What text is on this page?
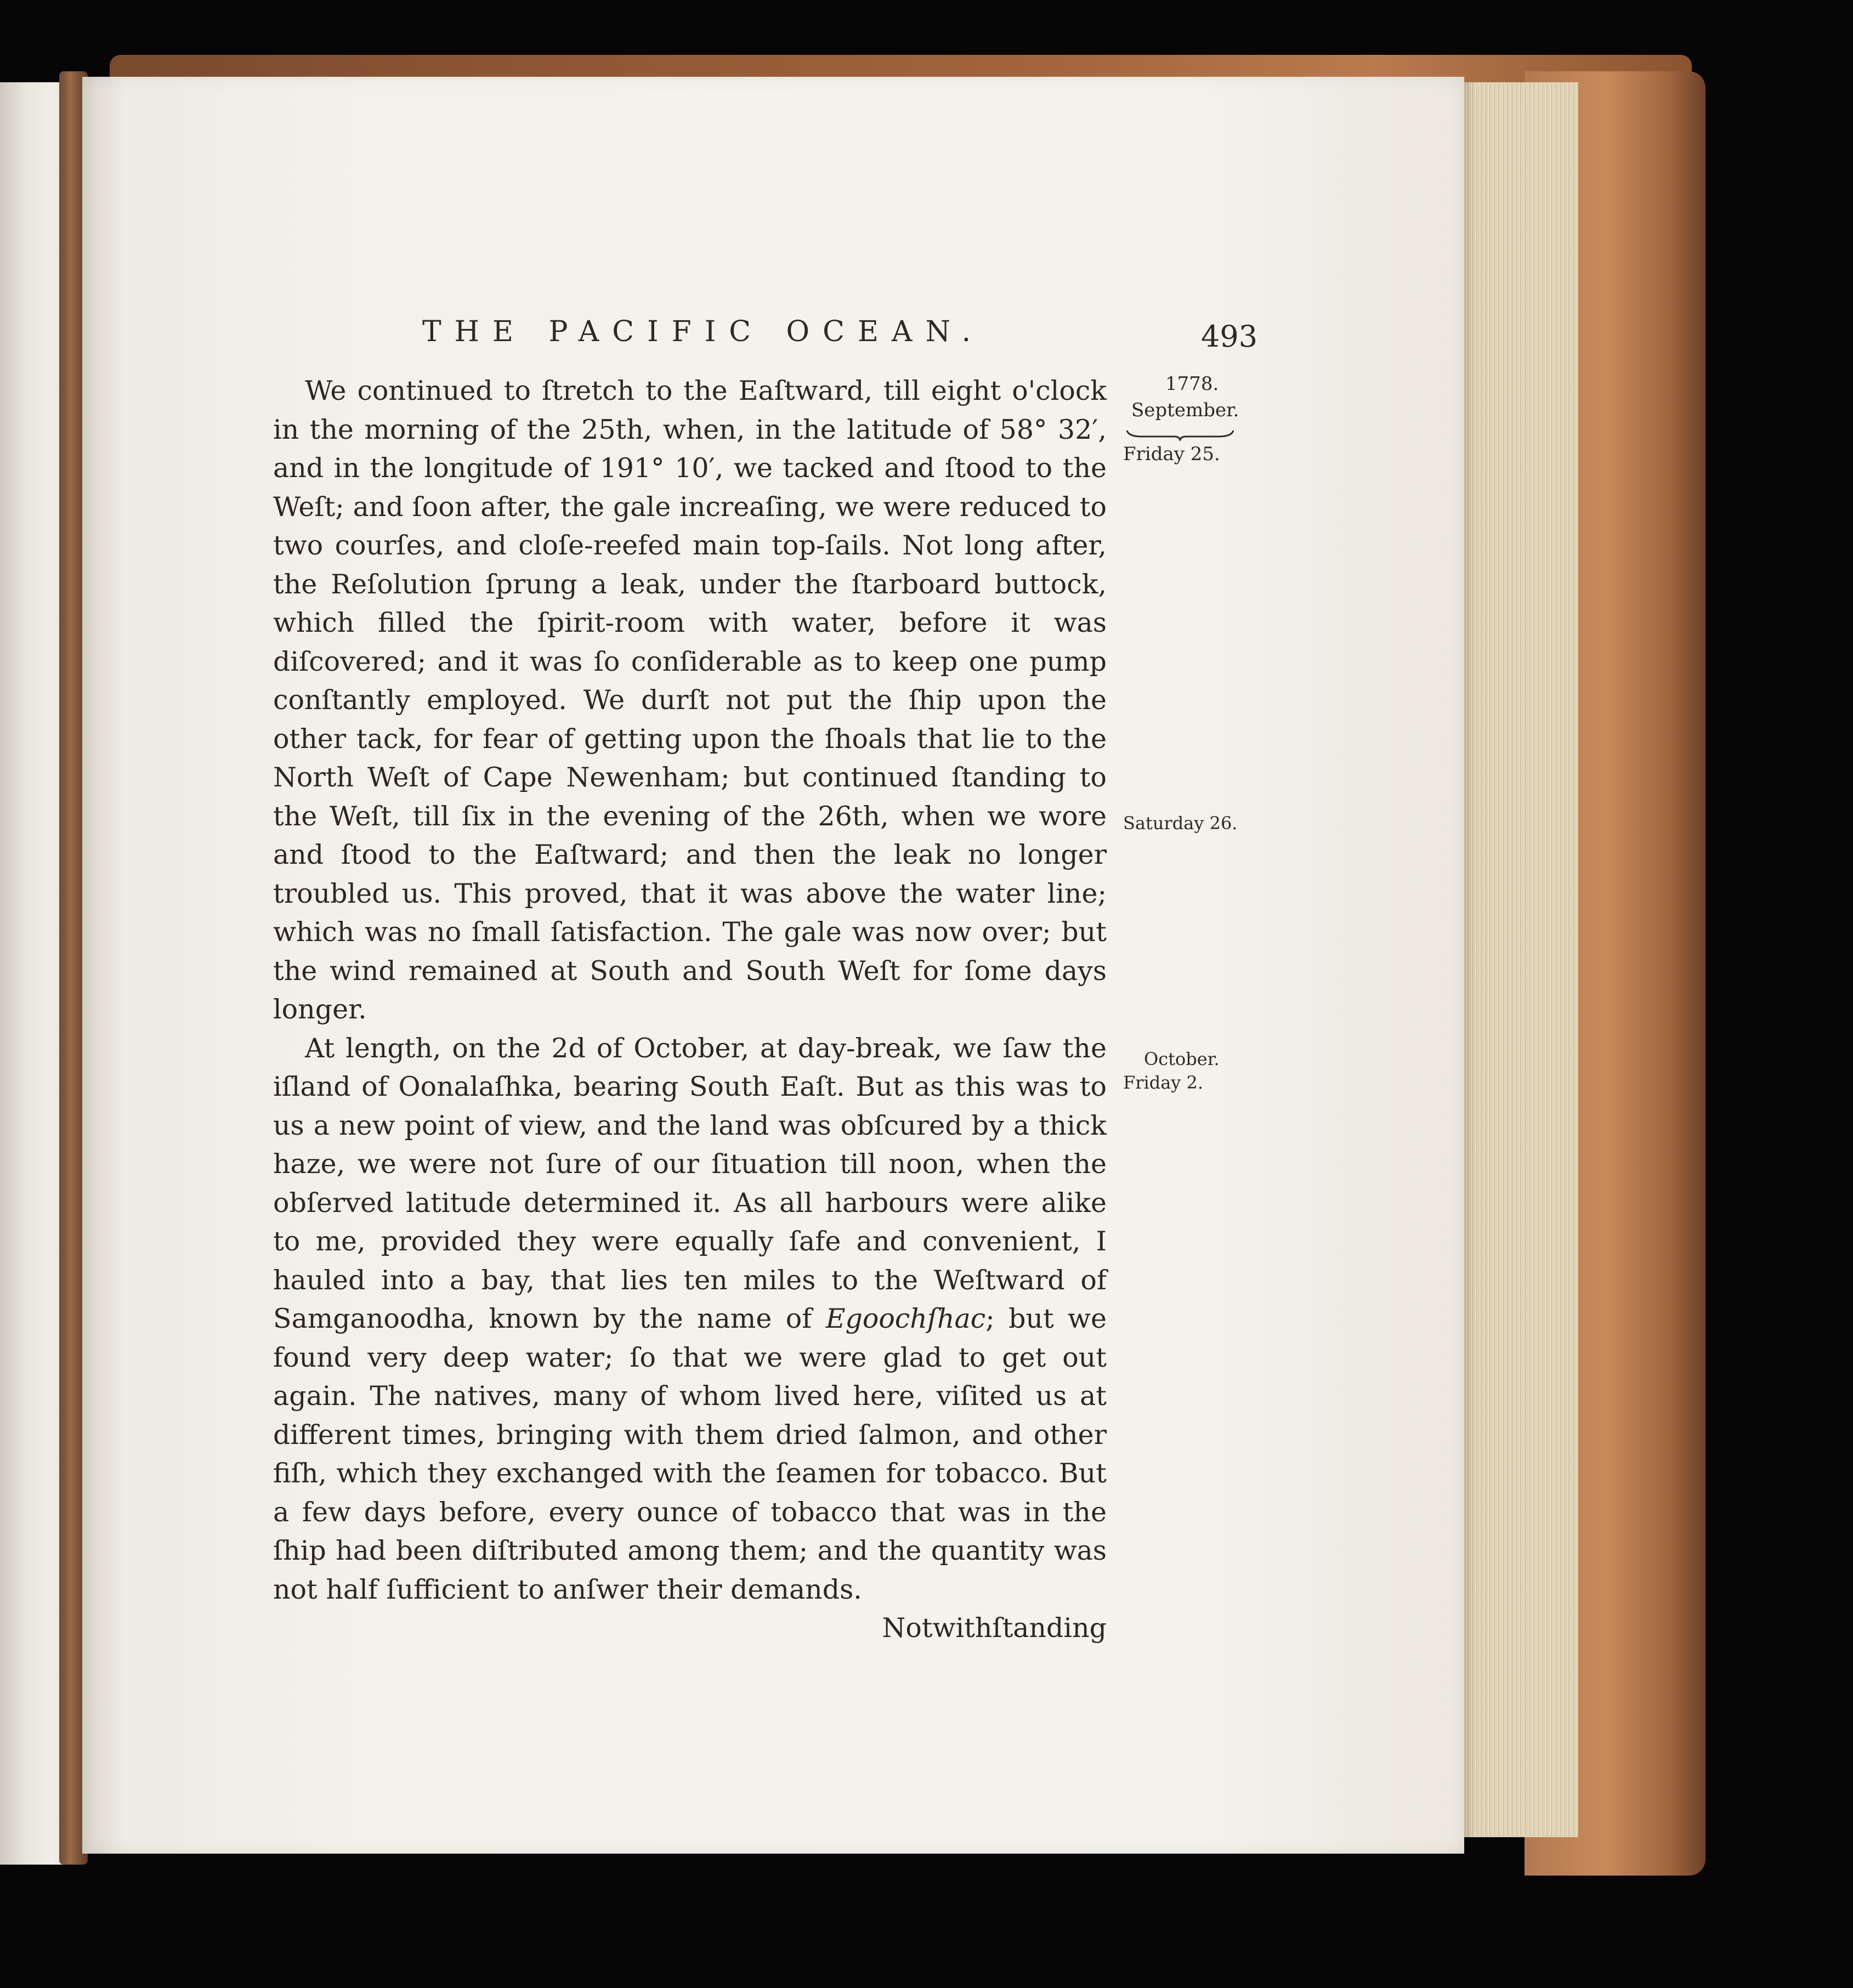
THE PACIFIC OCEAN.	493
1778.
September.
Friday 25.
Saturday 26.
October.
Friday 2.

We continued to ſtretch to the Eaſtward, till eight o'clock in the morning of the 25th, when, in the latitude of 58° 32′, and in the longitude of 191° 10′, we tacked and ſtood to the Weſt; and ſoon after, the gale increaſing, we were reduced to two courſes, and cloſe-reefed main top-ſails. Not long after, the Reſolution ſprung a leak, under the ſtarboard buttock, which filled the ſpirit-room with water, before it was diſcovered; and it was ſo conſiderable as to keep one pump conſtantly employed. We durſt not put the ſhip upon the other tack, for fear of getting upon the ſhoals that lie to the North Weſt of Cape Newenham; but continued ſtanding to the Weſt, till ſix in the evening of the 26th, when we wore and ſtood to the Eaſtward; and then the leak no longer troubled us. This proved, that it was above the water line; which was no ſmall ſatisfaction. The gale was now over; but the wind remained at South and South Weſt for ſome days longer.

At length, on the 2d of October, at day-break, we ſaw the iſland of Oonalaſhka, bearing South Eaſt. But as this was to us a new point of view, and the land was obſcured by a thick haze, we were not ſure of our ſituation till noon, when the obſerved latitude determined it. As all harbours were alike to me, provided they were equally ſafe and convenient, I hauled into a bay, that lies ten miles to the Weſtward of Samganoodha, known by the name of Egoochſhac; but we found very deep water; ſo that we were glad to get out again. The natives, many of whom lived here, viſited us at different times, bringing with them dried ſalmon, and other fiſh, which they exchanged with the ſeamen for tobacco. But a few days before, every ounce of tobacco that was in the ſhip had been diſtributed among them; and the quantity was not half ſufficient to anſwer their demands.

Notwithſtanding
